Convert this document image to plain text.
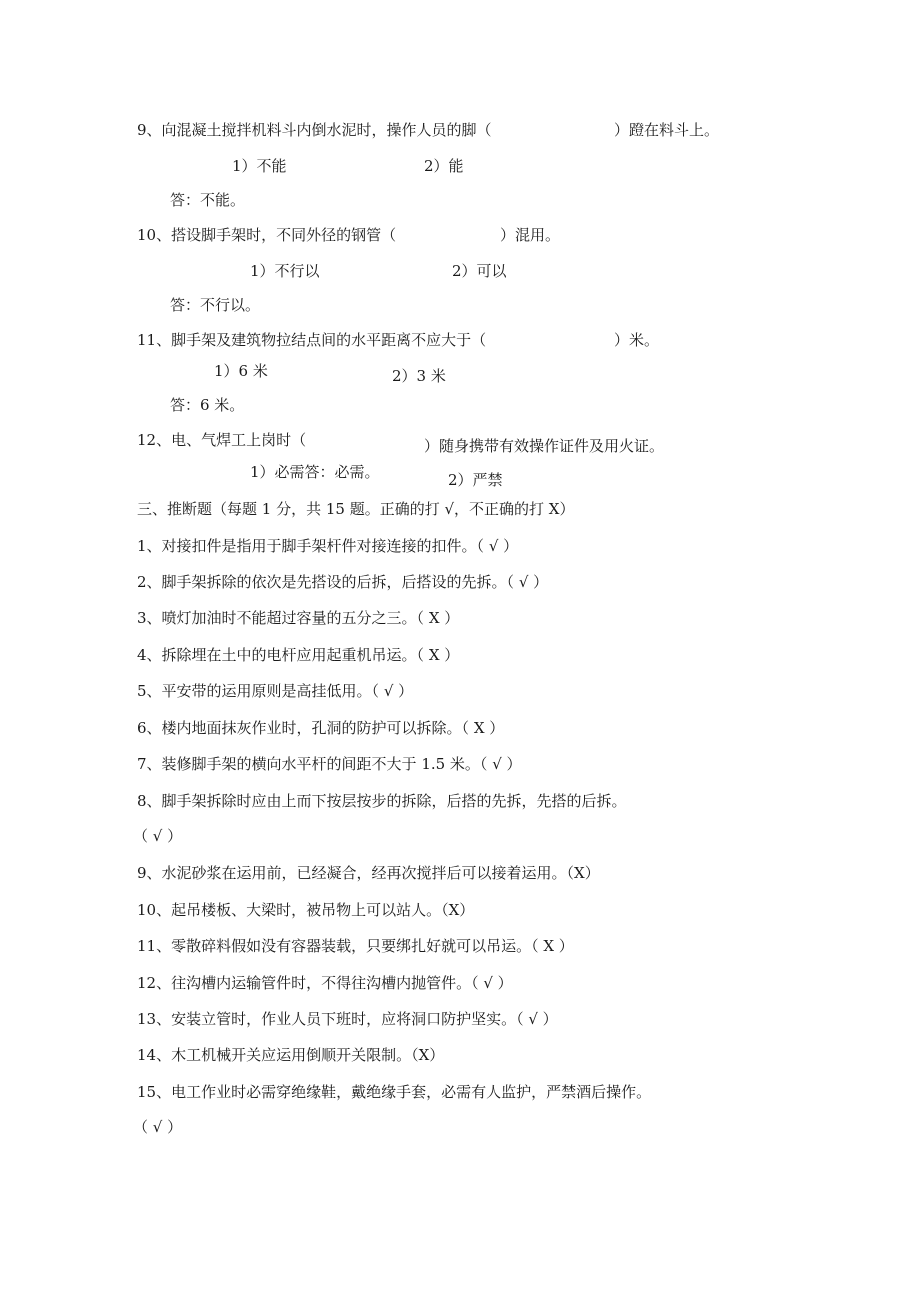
9、向混凝土搅拌机料斗内倒水泥时，操作人员的脚（	）蹬在料斗上。
1）不能	2）能
答：不能。
10、搭设脚手架时，不同外径的钢管（	）混用。
1）不行以	2）可以
答：不行以。
11、脚手架及建筑物拉结点间的水平距离不应大于（	）米。
1）6 米	2）3 米
答：6 米。
12、电、气焊工上岗时（	）随身携带有效操作证件及用火证。
1）必需答：必需。	2）严禁
三、推断题（每题 1 分，共 15 题。正确的打 √，不正确的打 X）
1、对接扣件是指用于脚手架杆件对接连接的扣件。（ √ ）
2、脚手架拆除的依次是先搭设的后拆，后搭设的先拆。（ √ ）
3、喷灯加油时不能超过容量的五分之三。（ X ）
4、拆除埋在土中的电杆应用起重机吊运。（ X ）
5、平安带的运用原则是高挂低用。（ √ ）
6、楼内地面抹灰作业时，孔洞的防护可以拆除。（ X ）
7、装修脚手架的横向水平杆的间距不大于 1.5 米。（ √ ）
8、脚手架拆除时应由上而下按层按步的拆除，后搭的先拆，先搭的后拆。
（ √ ）
9、水泥砂浆在运用前，已经凝合，经再次搅拌后可以接着运用。（X）
10、起吊楼板、大梁时，被吊物上可以站人。（X）
11、零散碎料假如没有容器装载，只要绑扎好就可以吊运。（ X ）
12、往沟槽内运输管件时，不得往沟槽内抛管件。（ √ ）
13、安装立管时，作业人员下班时，应将洞口防护坚实。（ √ ）
14、木工机械开关应运用倒顺开关限制。（X）
15、电工作业时必需穿绝缘鞋，戴绝缘手套，必需有人监护，严禁酒后操作。
（ √ ）
